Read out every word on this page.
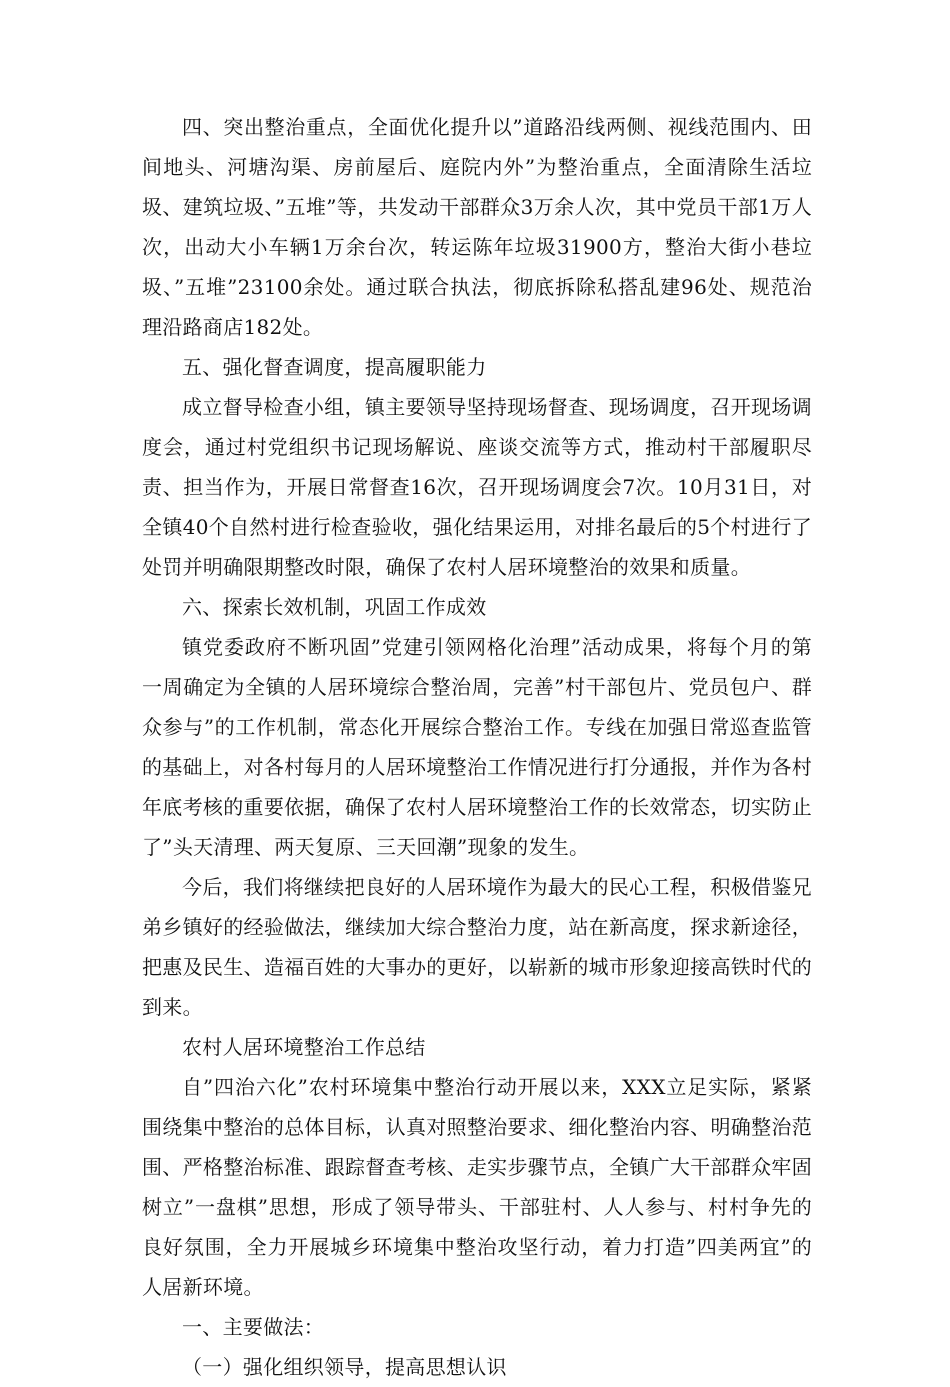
四、突出整治重点，全面优化提升以”道路沿线两侧、视线范围内、田间地头、河塘沟渠、房前屋后、庭院内外”为整治重点，全面清除生活垃圾、建筑垃圾、”五堆”等，共发动干部群众3万余人次，其中党员干部1万人次，出动大小车辆1万余台次，转运陈年垃圾31900方，整治大街小巷垃圾、”五堆”23100余处。通过联合执法，彻底拆除私搭乱建96处、规范治理沿路商店182处。

五、强化督查调度，提高履职能力

成立督导检查小组，镇主要领导坚持现场督查、现场调度，召开现场调度会，通过村党组织书记现场解说、座谈交流等方式，推动村干部履职尽责、担当作为，开展日常督查16次，召开现场调度会7次。10月31日，对全镇40个自然村进行检查验收，强化结果运用，对排名最后的5个村进行了处罚并明确限期整改时限，确保了农村人居环境整治的效果和质量。

六、探索长效机制，巩固工作成效

镇党委政府不断巩固”党建引领网格化治理”活动成果，将每个月的第一周确定为全镇的人居环境综合整治周，完善”村干部包片、党员包户、群众参与”的工作机制，常态化开展综合整治工作。专线在加强日常巡查监管的基础上，对各村每月的人居环境整治工作情况进行打分通报，并作为各村年底考核的重要依据，确保了农村人居环境整治工作的长效常态，切实防止了”头天清理、两天复原、三天回潮”现象的发生。

今后，我们将继续把良好的人居环境作为最大的民心工程，积极借鉴兄弟乡镇好的经验做法，继续加大综合整治力度，站在新高度，探求新途径，把惠及民生、造福百姓的大事办的更好，以崭新的城市形象迎接高铁时代的到来。

农村人居环境整治工作总结

自”四治六化”农村环境集中整治行动开展以来，XXX立足实际，紧紧围绕集中整治的总体目标，认真对照整治要求、细化整治内容、明确整治范围、严格整治标准、跟踪督查考核、走实步骤节点，全镇广大干部群众牢固树立”一盘棋”思想，形成了领导带头、干部驻村、人人参与、村村争先的良好氛围，全力开展城乡环境集中整治攻坚行动，着力打造”四美两宜”的人居新环境。

一、主要做法：

（一）强化组织领导，提高思想认识
